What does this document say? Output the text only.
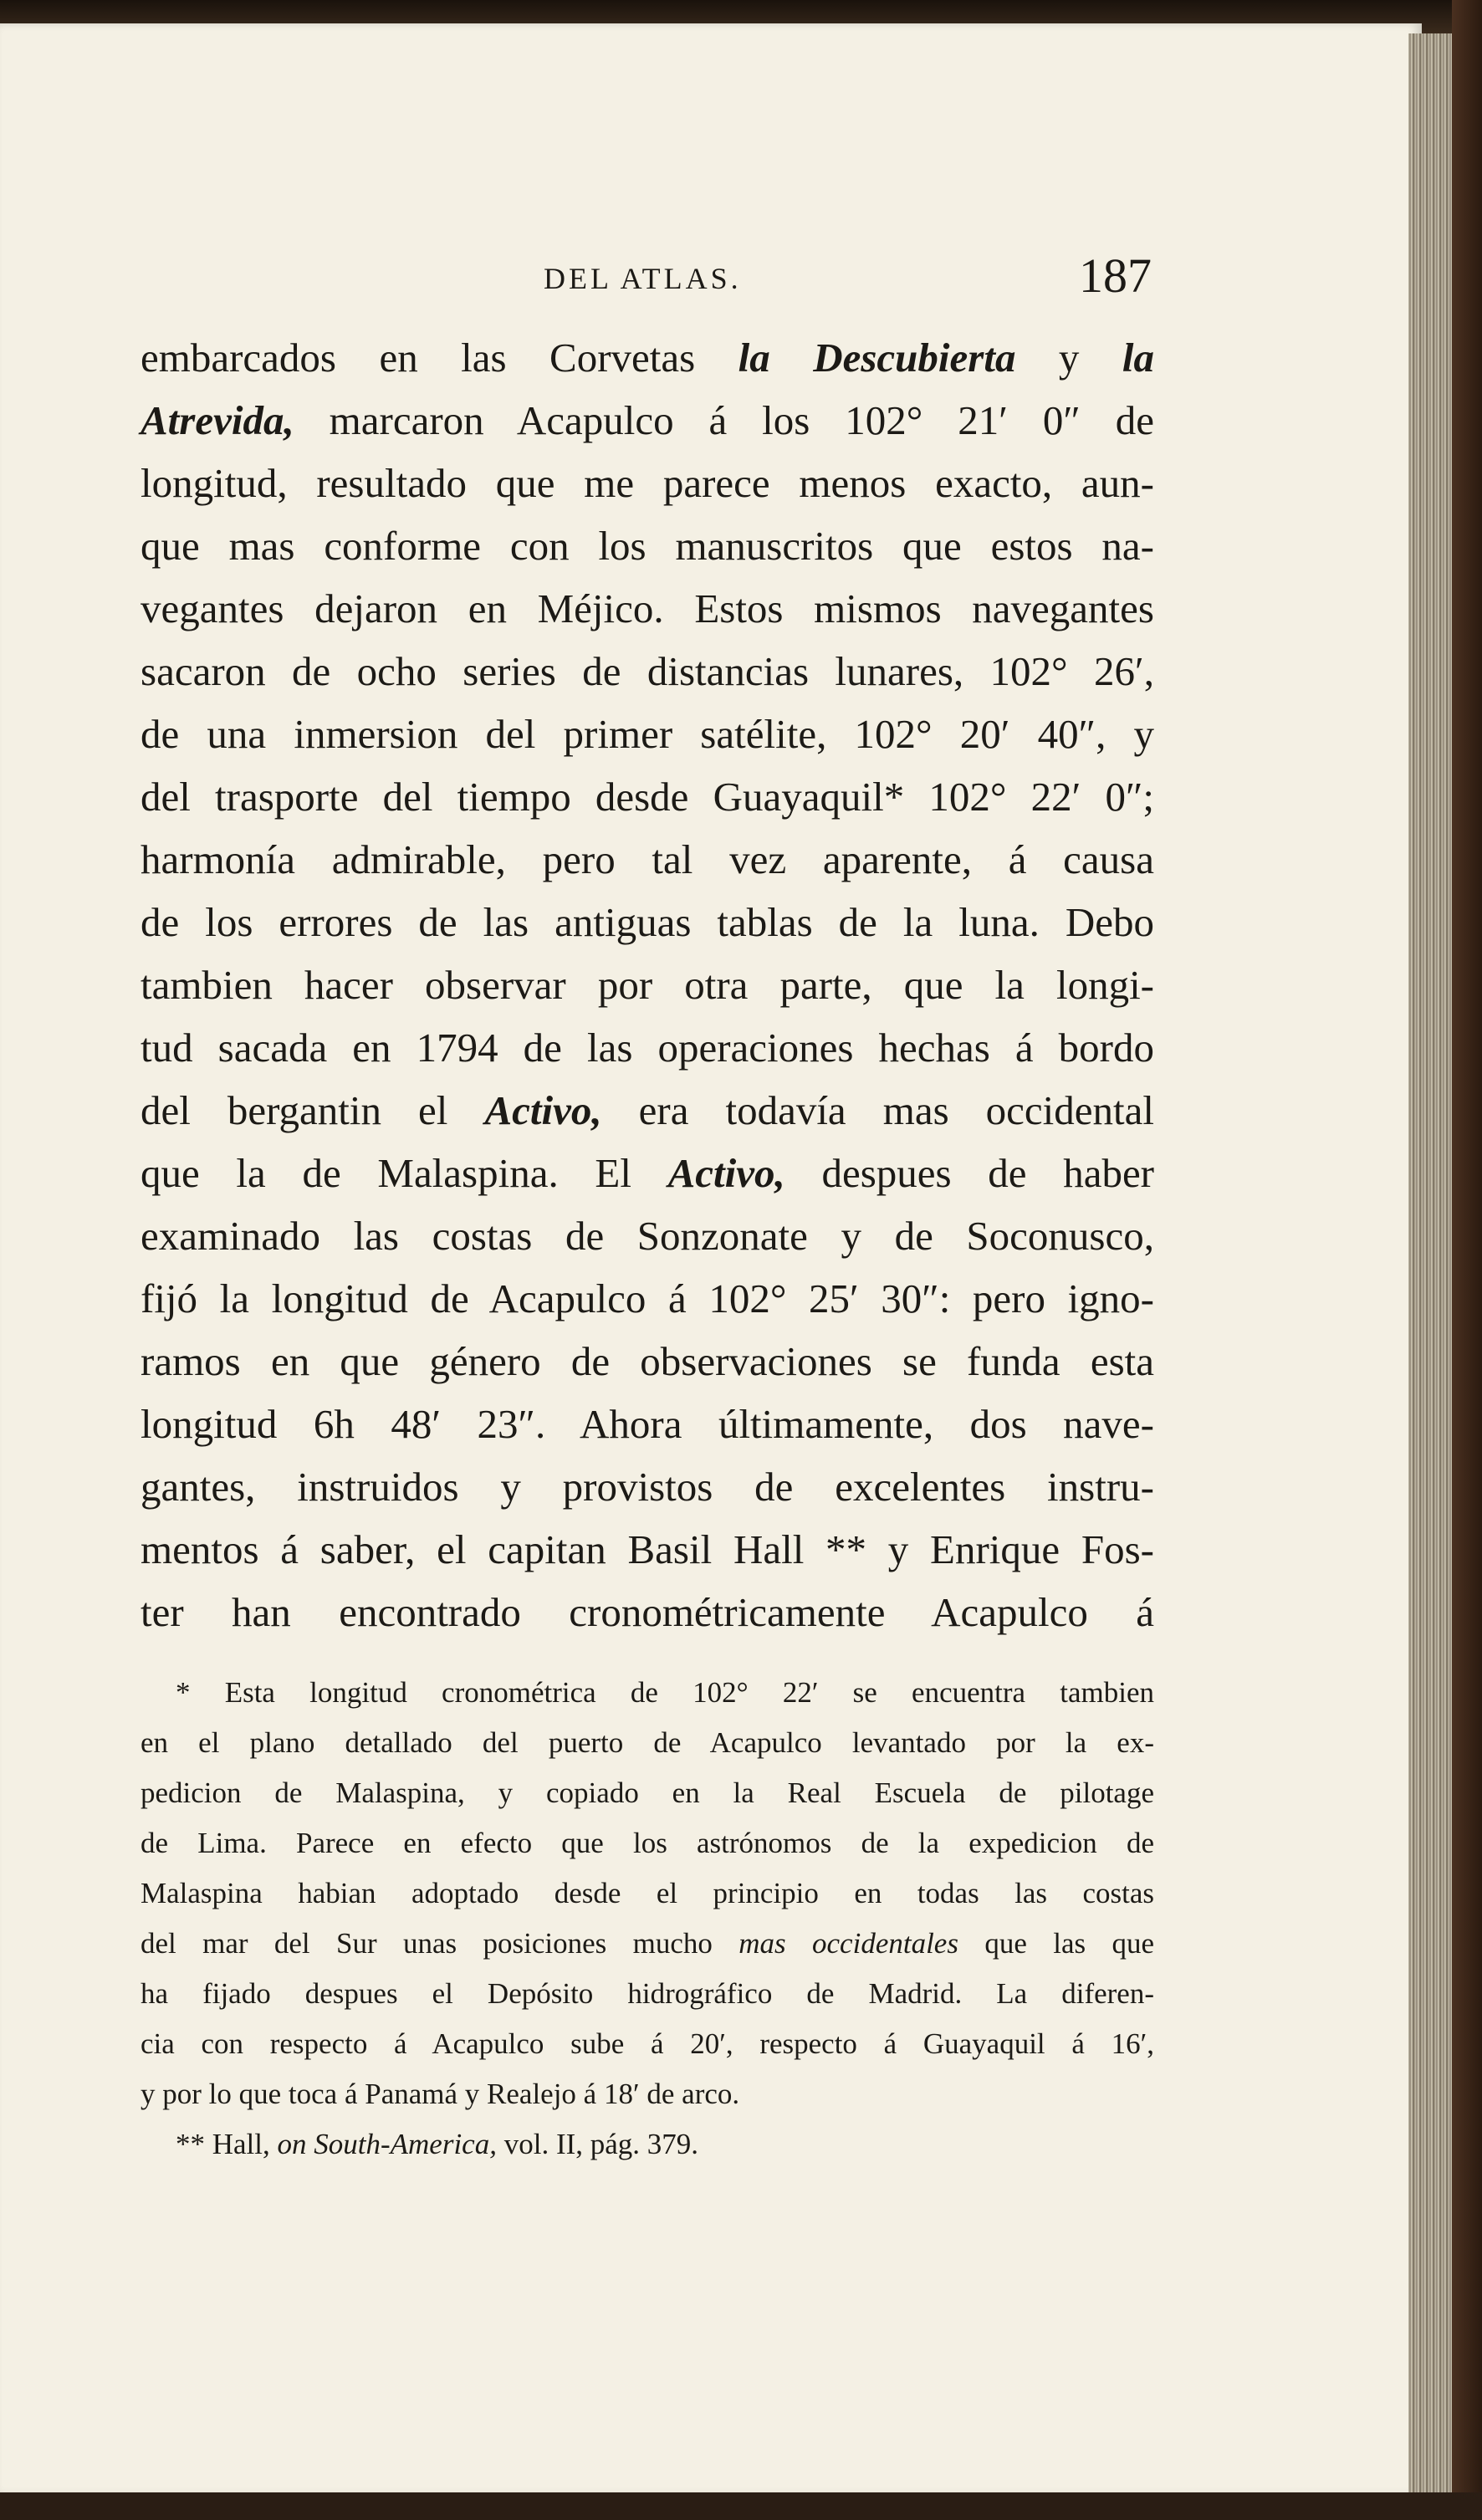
DEL ATLAS.	187
embarcados en las Corvetas la Descubierta y la
Atrevida, marcaron Acapulco á los 102° 21′ 0″ de
longitud, resultado que me parece menos exacto, aun-
que mas conforme con los manuscritos que estos na-
vegantes dejaron en Méjico. Estos mismos navegantes
sacaron de ocho series de distancias lunares, 102° 26′,
de una inmersion del primer satélite, 102° 20′ 40″, y
del trasporte del tiempo desde Guayaquil* 102° 22′ 0″;
harmonía admirable, pero tal vez aparente, á causa
de los errores de las antiguas tablas de la luna. Debo
tambien hacer observar por otra parte, que la longi-
tud sacada en 1794 de las operaciones hechas á bordo
del bergantin el Activo, era todavía mas occidental
que la de Malaspina. El Activo, despues de haber
examinado las costas de Sonzonate y de Soconusco,
fijó la longitud de Acapulco á 102° 25′ 30″: pero igno-
ramos en que género de observaciones se funda esta
longitud 6h 48′ 23″. Ahora últimamente, dos nave-
gantes, instruidos y provistos de excelentes instru-
mentos á saber, el capitan Basil Hall ** y Enrique Fos-
ter han encontrado cronométricamente Acapulco á
* Esta longitud cronométrica de 102° 22′ se encuentra tambien
en el plano detallado del puerto de Acapulco levantado por la ex-
pedicion de Malaspina, y copiado en la Real Escuela de pilotage
de Lima. Parece en efecto que los astrónomos de la expedicion de
Malaspina habian adoptado desde el principio en todas las costas
del mar del Sur unas posiciones mucho mas occidentales que las que
ha fijado despues el Depósito hidrográfico de Madrid. La diferen-
cia con respecto á Acapulco sube á 20′, respecto á Guayaquil á 16′,
y por lo que toca á Panamá y Realejo á 18′ de arco.
** Hall, on South-America, vol. II, pág. 379.
